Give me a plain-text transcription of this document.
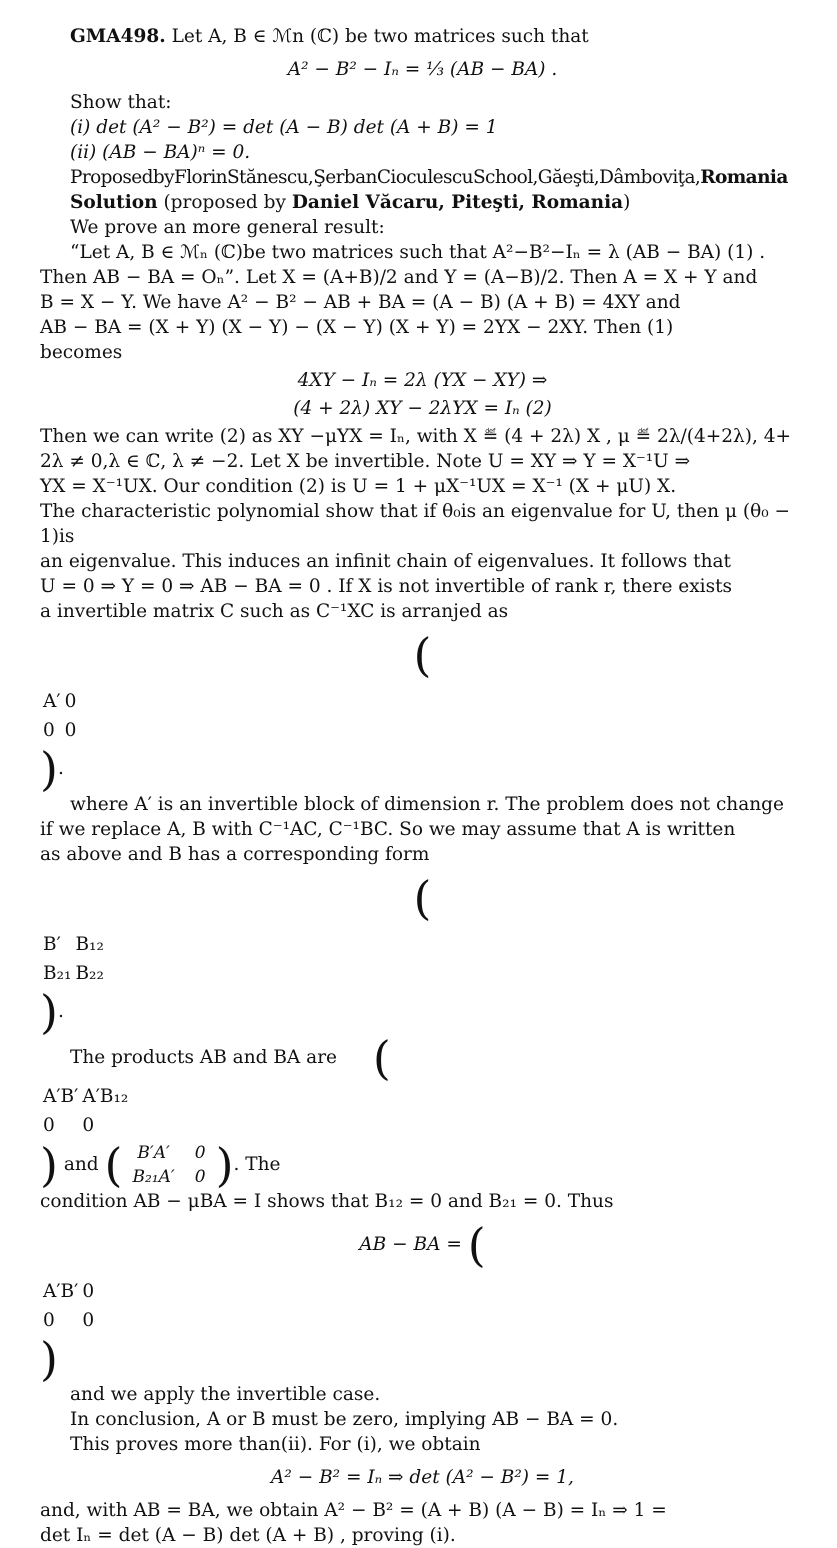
GMA498. Let A, B ∈ ℳn (ℂ) be two matrices such that

A² − B² − Iₙ = ⅓ (AB − BA) .

Show that:

(i) det (A² − B²) = det (A − B) det (A + B) = 1

(ii) (AB − BA)ⁿ = 0.

ProposedbyFlorinStănescu,ŞerbanCioculescuSchool,Găeşti,Dâmboviţa,Romania

Solution (proposed by Daniel Văcaru, Piteşti, Romania)

We prove an more general result:

“Let A, B ∈ ℳₙ (ℂ)be two matrices such that A²−B²−Iₙ = λ (AB − BA) (1) .

Then AB − BA = Oₙ”. Let X = (A+B)/2 and Y = (A−B)/2. Then A = X + Y and

B = X − Y. We have A² − B² − AB + BA = (A − B) (A + B) = 4XY and

AB − BA = (X + Y) (X − Y) − (X − Y) (X + Y) = 2YX − 2XY. Then (1)

becomes

4XY − Iₙ = 2λ (YX − XY) ⇒

(4 + 2λ) XY − 2λYX = Iₙ (2)

Then we can write (2) as XY −μYX = Iₙ, with X ≝ (4 + 2λ) X , μ ≝ 2λ/(4+2λ), 4+

2λ ≠ 0,λ ∈ ℂ, λ ≠ −2. Let X be invertible. Note U = XY ⇒ Y = X⁻¹U ⇒

YX = X⁻¹UX. Our condition (2) is U = 1 + μX⁻¹UX = X⁻¹ (X + μU) X.

The characteristic polynomial show that if θ₀is an eigenvalue for U, then μ (θ₀ − 1)is

an eigenvalue. This induces an infinit chain of eigenvalues. It follows that

U = 0 ⇒ Y = 0 ⇒ AB − BA = 0 . If X is not invertible of rank r, there exists

a invertible matrix C such as C⁻¹XC is arranjed as

(

A′	0
0	0
).

where A′ is an invertible block of dimension r. The problem does not change

if we replace A, B with C⁻¹AC, C⁻¹BC. So we may assume that A is written

as above and B has a corresponding form

(

B′	B₁₂
B₂₁	B₂₂
).

The products AB and BA are (

A′B′	A′B₁₂
0	0
) and ( B′A′	0
B₂₁A′	0 ). The

condition AB − μBA = I shows that B₁₂ = 0 and B₂₁ = 0. Thus

AB − BA = (

A′B′	0
0	0
)

and we apply the invertible case.

In conclusion, A or B must be zero, implying AB − BA = 0.

This proves more than(ii). For (i), we obtain

A² − B² = Iₙ ⇒ det (A² − B²) = 1,

and, with AB = BA, we obtain A² − B² = (A + B) (A − B) = Iₙ ⇒ 1 =

det Iₙ = det (A − B) det (A + B) , proving (i).
